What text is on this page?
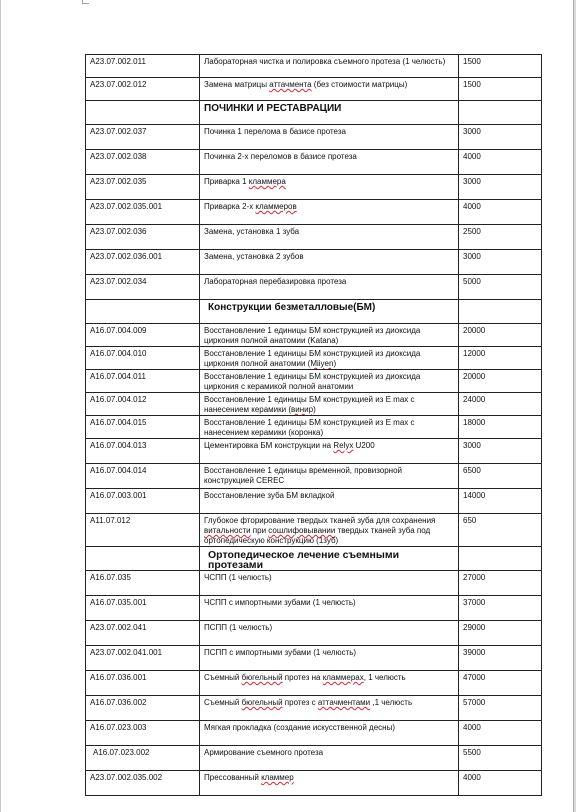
A23.07.002.011	Лабораторная чистка и полировка съемного протеза (1 челюсть)	1500
A23.07.002.012	Замена матрицы аттачмента (без стоимости матрицы)	1500
	ПОЧИНКИ И РЕСТАВРАЦИИ	
A23.07.002.037	Починка 1 перелома в базисе протеза	3000
A23.07.002.038	Починка 2-х переломов в базисе протеза	4000
A23.07.002.035	Приварка 1 кламмера	3000
A23.07.002.035.001	Приварка 2-х кламмеров	4000
A23.07.002.036	Замена, установка 1 зуба	2500
A23.07.002.036.001	Замена, установка 2 зубов	3000
A23.07.002.034	Лабораторная перебазировка протеза	5000
	Конструкции безметалловые(БМ)	
A16.07.004.009	Восстановление 1 единицы БМ конструкцией из диоксида циркония полной анатомии (Katana)	20000
A16.07.004.010	Восстановление 1 единицы БМ конструкцией из диоксида циркония полной анатомии (Miiyen)	12000
A16.07.004.011	Восстановление 1 единицы БМ конструкцией из диоксида циркония с керамикой полной анатомии	20000
A16.07.004.012	Восстановление 1 единицы БМ конструкцией из E max с нанесением керамики (винир)	24000
A16.07.004.015	Восстановление 1 единицы БМ конструкцией из E max с нанесением керамики (коронка)	18000
A16.07.004.013	Цементировка БМ конструкции на Relyx U200	3000
A16.07.004.014	Восстановление 1 единицы временной, провизорной конструкцией CEREC	6500
A16.07.003.001	Восстановление зуба БМ вкладкой	14000
A11.07.012	Глубокое фторирование твердых тканей зуба для сохранения витальности при сошлифовывании твердых тканей зуба под ортопедическую конструкцию (1зуб)	650
	Ортопедическое лечение съемными протезами	
A16.07.035	ЧСПП (1 челюсть)	27000
A16.07.035.001	ЧСПП с импортными зубами (1 челюсть)	37000
A23.07.002.041	ПСПП (1 челюсть)	29000
A23.07.002.041.001	ПСПП с импортными зубами (1 челюсть)	39000
A16.07.036.001	Съемный бюгельный протез на кламмерах, 1 челюсть	47000
A16.07.036.002	Съемный бюгельный протез с аттачментами ,1 челюсть	57000
A16.07.023.003	Мягкая прокладка (создание искусственной десны)	4000
A16.07.023.002	Армирование съемного протеза	5500
A23.07.002.035.002	Прессованный кламмер	4000
